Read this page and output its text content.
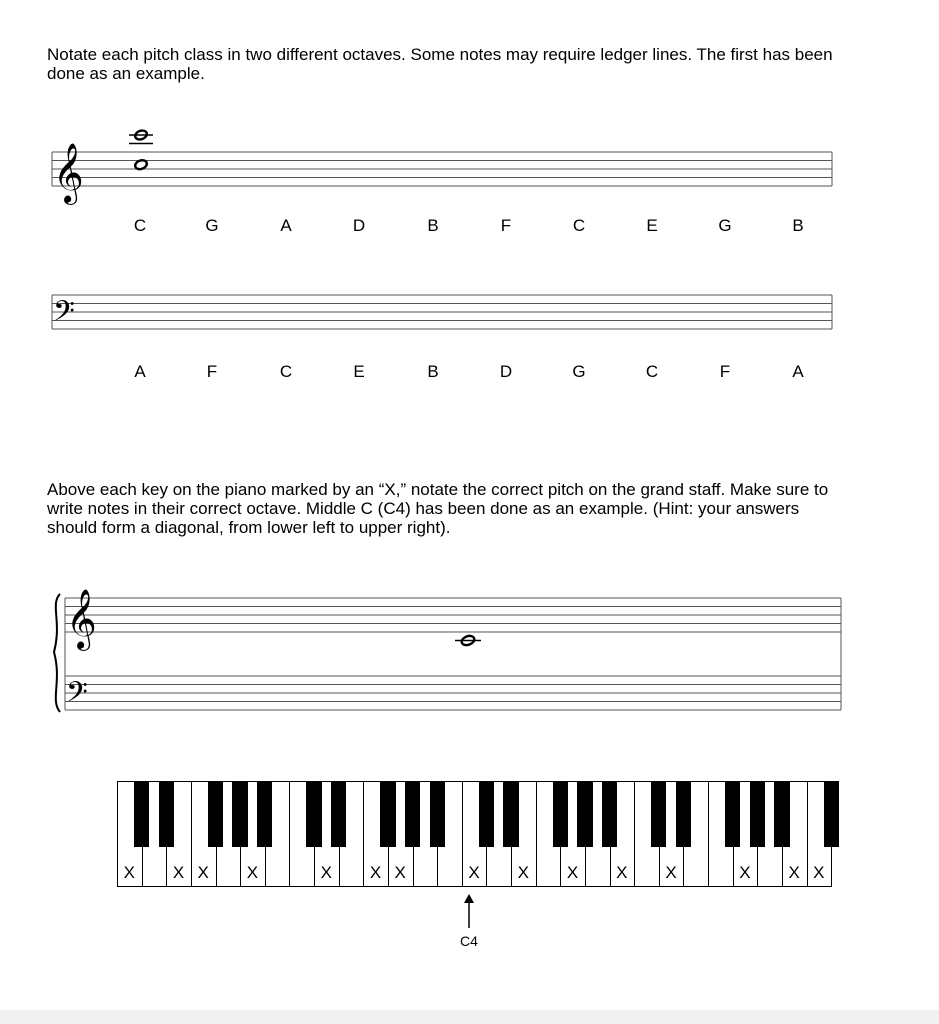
Notate each pitch class in two different octaves. Some notes may require ledger lines. The first has been done as an example.

𝄞
𝄢
𝄞
𝄢
C	G	A	D	B	F	C	E	G	B
A	F	C	E	B	D	G	C	F	A

Above each key on the piano marked by an “X,” notate the correct pitch on the grand staff. Make sure to write notes in their correct octave. Middle C (C4) has been done as an example. (Hint: your answers should form a diagonal, from lower left to upper right).

X	X X	X	X	X X	X X	X	X
X	X	X	X
C4
